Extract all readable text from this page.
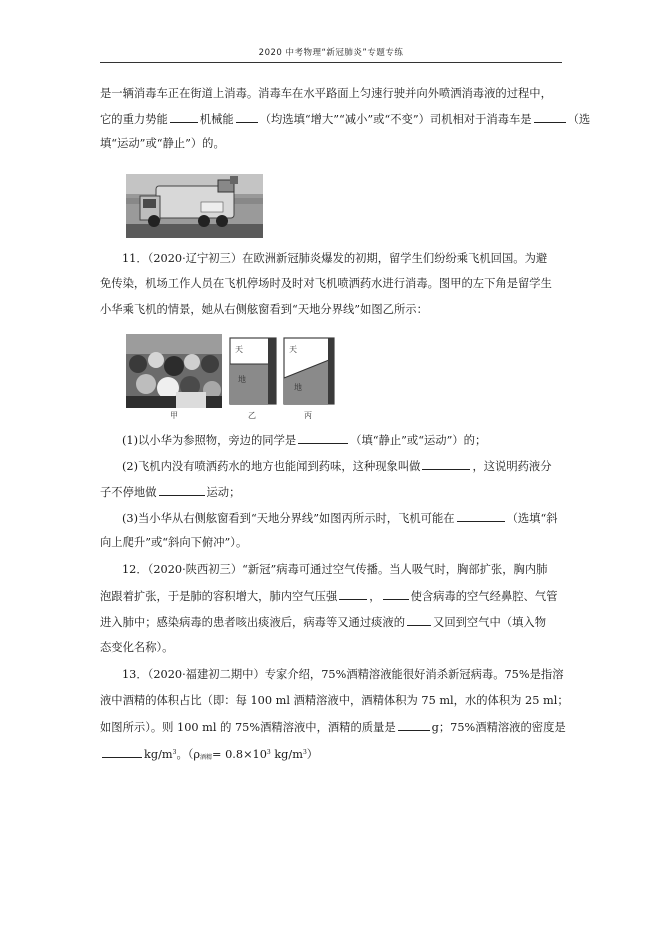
2020 中考物理“新冠肺炎”专题专练
是一辆消毒车正在街道上消毒。消毒车在水平路面上匀速行驶并向外喷洒消毒液的过程中，
它的重力势能	机械能 （均选填“增大”“减小”或“不变”）司机相对于消毒车是	（选
填“运动”或“静止”）的。
11．（2020·辽宁初三）在欧洲新冠肺炎爆发的初期，留学生们纷纷乘飞机回国。为避
免传染，机场工作人员在飞机停场时及时对飞机喷洒药水进行消毒。图甲的左下角是留学生
小华乘飞机的情景，她从右侧舷窗看到“天地分界线”如图乙所示：
甲
天
地
乙
天
地
丙
(1)以小华为参照物，旁边的同学是	（填“静止”或“运动”）的；
(2)飞机内没有喷洒药水的地方也能闻到药味，这种现象叫做	，这说明药液分
子不停地做	运动；
(3)当小华从右侧舷窗看到“天地分界线”如图丙所示时，飞机可能在	（选填“斜
向上爬升”或“斜向下俯冲”）。
12．（2020·陕西初三）“新冠”病毒可通过空气传播。当人吸气时，胸部扩张，胸内肺
泡跟着扩张，于是肺的容积增大，肺内空气压强	，	使含病毒的空气经鼻腔、气管
进入肺中；感染病毒的患者咳出痰液后，病毒等又通过痰液的 又回到空气中（填入物
态变化名称）。
13．（2020·福建初二期中）专家介绍，75%酒精溶液能很好消杀新冠病毒。75%是指溶
液中酒精的体积占比（即：每 100 ml 酒精溶液中，酒精体积为 75 ml，水的体积为 25 ml；
如图所示）。则 100 ml 的 75%酒精溶液中，酒精的质量是	g；75%酒精溶液的密度是
$kg/m^3$。（ρ酒精= $0.8\times 10^3$ $kg/m^3$）
